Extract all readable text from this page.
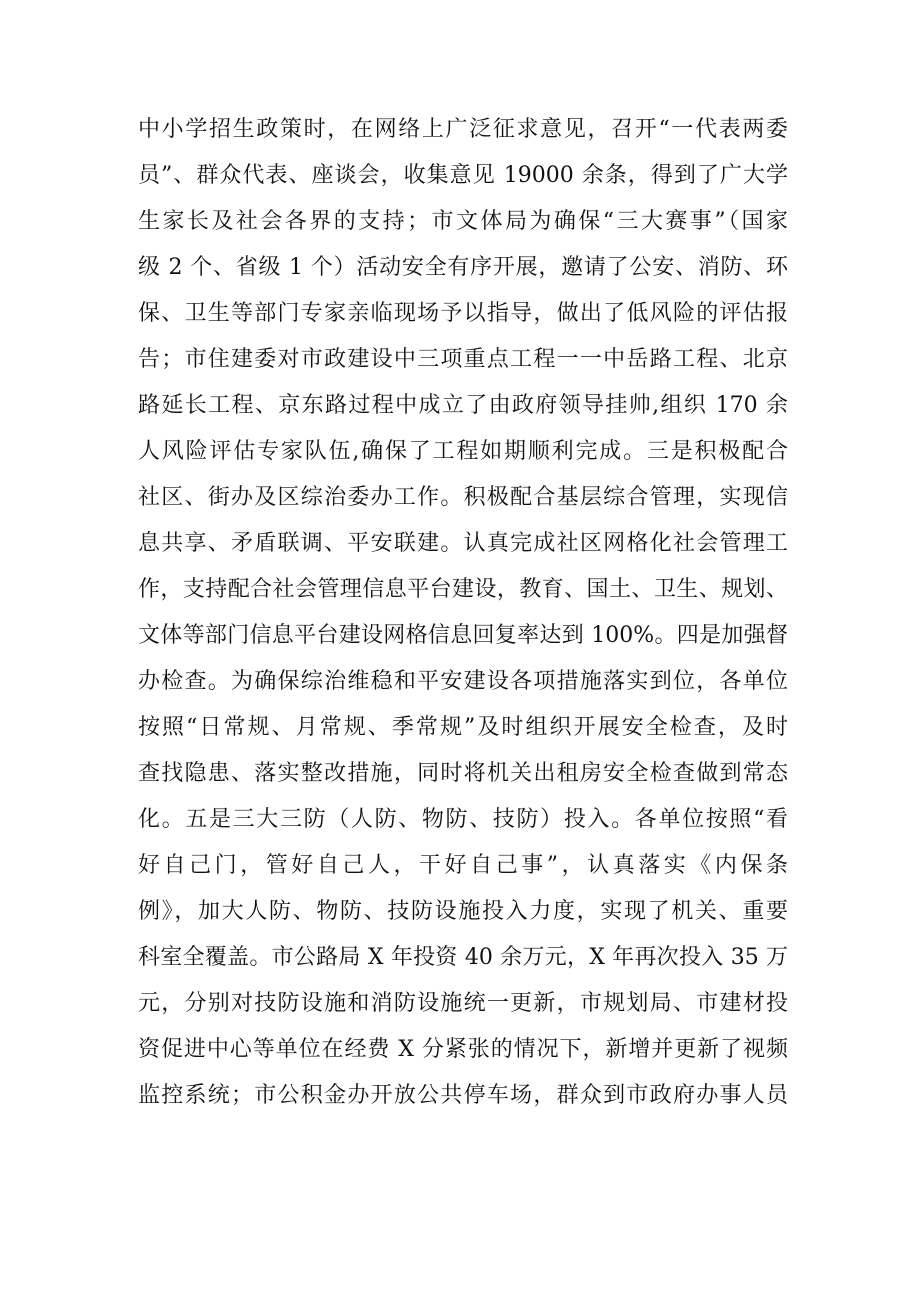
中小学招生政策时，在网络上广泛征求意见，召开“一代表两委
员”、群众代表、座谈会，收集意见 19000 余条，得到了广大学
生家长及社会各界的支持；市文体局为确保“三大赛事”（国家
级 2 个、省级 1 个）活动安全有序开展，邀请了公安、消防、环
保、卫生等部门专家亲临现场予以指导，做出了低风险的评估报
告；市住建委对市政建设中三项重点工程一一中岳路工程、北京
路延长工程、京东路过程中成立了由政府领导挂帅,组织 170 余
人风险评估专家队伍,确保了工程如期顺利完成。三是积极配合
社区、街办及区综治委办工作。积极配合基层综合管理，实现信
息共享、矛盾联调、平安联建。认真完成社区网格化社会管理工
作，支持配合社会管理信息平台建设，教育、国土、卫生、规划、
文体等部门信息平台建设网格信息回复率达到 100%。四是加强督
办检查。为确保综治维稳和平安建设各项措施落实到位，各单位
按照“日常规、月常规、季常规”及时组织开展安全检查，及时
查找隐患、落实整改措施，同时将机关出租房安全检查做到常态
化。五是三大三防（人防、物防、技防）投入。各单位按照“看
好自己门，管好自己人，干好自己事”，认真落实《内保条
例》，加大人防、物防、技防设施投入力度，实现了机关、重要
科室全覆盖。市公路局 X 年投资 40 余万元，X 年再次投入 35 万
元，分别对技防设施和消防设施统一更新，市规划局、市建材投
资促进中心等单位在经费 X 分紧张的情况下，新增并更新了视频
监控系统；市公积金办开放公共停车场，群众到市政府办事人员
